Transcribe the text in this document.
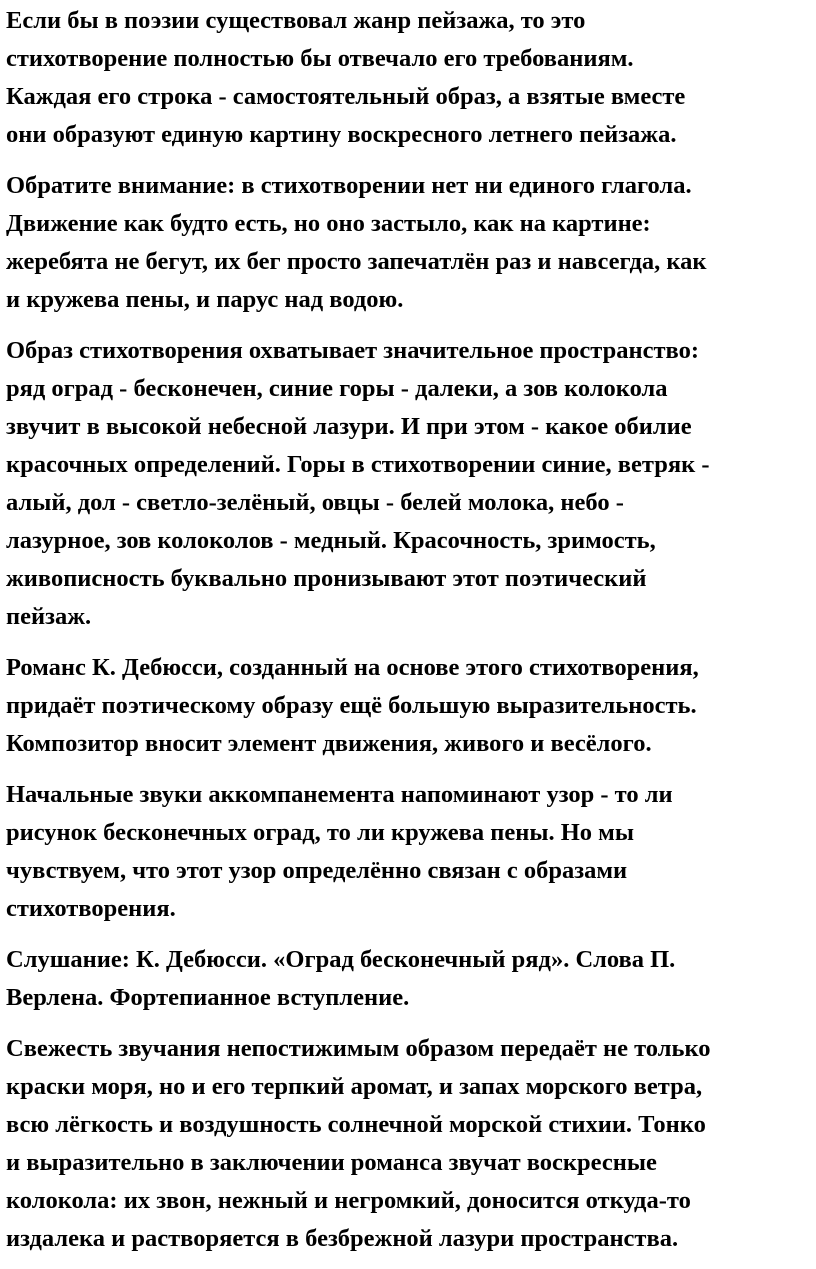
Если бы в поэзии существовал жанр пейзажа, то это
стихотворение полностью бы отвечало его требованиям.
Каждая его строка - самостоятельный образ, а взятые вместе
они образуют единую картину воскресного летнего пейзажа.
Обратите внимание: в стихотворении нет ни единого глагола.
Движение как будто есть, но оно застыло, как на картине:
жеребята не бегут, их бег просто запечатлён раз и навсегда, как
и кружева пены, и парус над водою.
Образ стихотворения охватывает значительное пространство:
ряд оград - бесконечен, синие горы - далеки, а зов колокола
звучит в высокой небесной лазури. И при этом - какое обилие
красочных определений. Горы в стихотворении синие, ветряк -
алый, дол - светло-зелёный, овцы - белей молока, небо -
лазурное, зов колоколов - медный. Красочность, зримость,
живописность буквально пронизывают этот поэтический
пейзаж.
Романс К. Дебюсси, созданный на основе этого стихотворения,
придаёт поэтическому образу ещё большую выразительность.
Композитор вносит элемент движения, живого и весёлого.
Начальные звуки аккомпанемента напоминают узор - то ли
рисунок бесконечных оград, то ли кружева пены. Но мы
чувствуем, что этот узор определённо связан с образами
стихотворения.
Слушание: К. Дебюсси. «Оград бесконечный ряд». Слова П.
Верлена. Фортепианное вступление.
Свежесть звучания непостижимым образом передаёт не только
краски моря, но и его терпкий аромат, и запах морского ветра,
всю лёгкость и воздушность солнечной морской стихии. Тонко
и выразительно в заключении романса звучат воскресные
колокола: их звон, нежный и негромкий, доносится откуда-то
издалека и растворяется в безбрежной лазури пространства.
